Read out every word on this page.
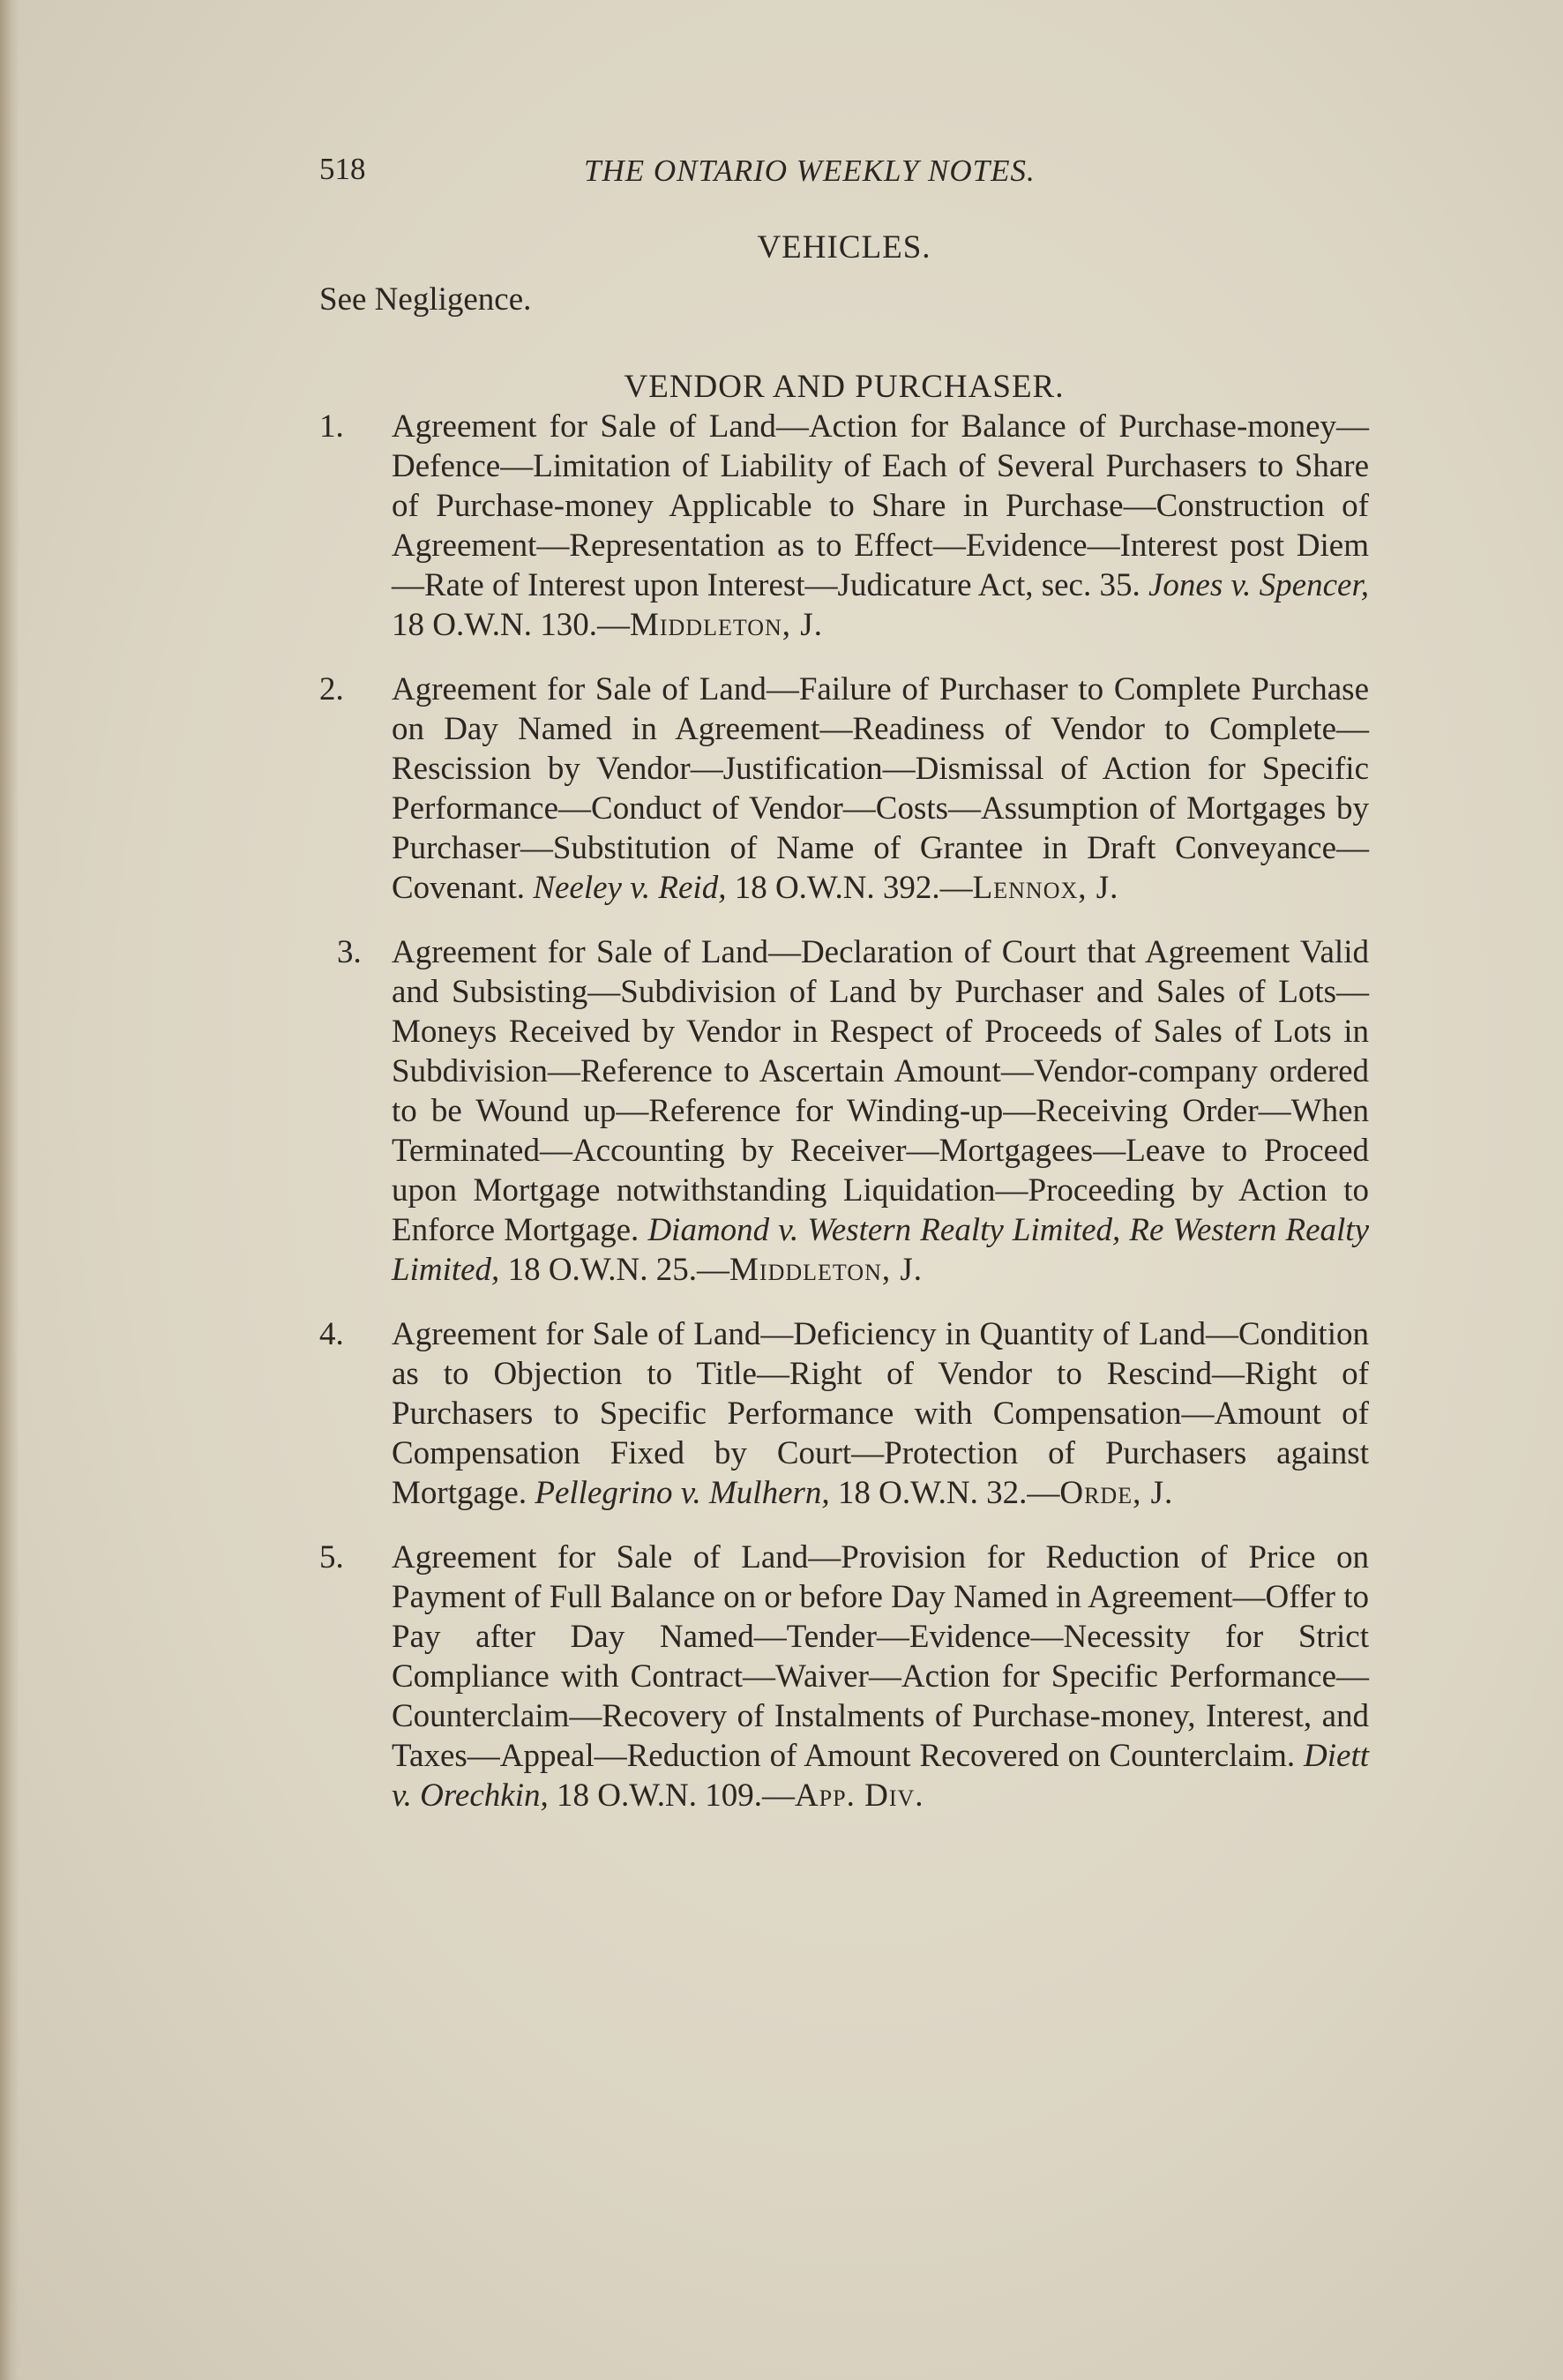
518	THE ONTARIO WEEKLY NOTES.

VEHICLES.

See Negligence.

VENDOR AND PURCHASER.

1. Agreement for Sale of Land—Action for Balance of Purchase-money—Defence—Limitation of Liability of Each of Several Purchasers to Share of Purchase-money Applicable to Share in Purchase—Construction of Agreement—Representation as to Effect—Evidence—Interest post Diem—Rate of Interest upon Interest—Judicature Act, sec. 35. Jones v. Spencer, 18 O.W.N. 130.—Middleton, J.

2. Agreement for Sale of Land—Failure of Purchaser to Complete Purchase on Day Named in Agreement—Readiness of Vendor to Complete—Rescission by Vendor—Justification—Dismissal of Action for Specific Performance—Conduct of Vendor—Costs—Assumption of Mortgages by Purchaser—Substitution of Name of Grantee in Draft Conveyance—Covenant. Neeley v. Reid, 18 O.W.N. 392.—Lennox, J.

3. Agreement for Sale of Land—Declaration of Court that Agreement Valid and Subsisting—Subdivision of Land by Purchaser and Sales of Lots—Moneys Received by Vendor in Respect of Proceeds of Sales of Lots in Subdivision—Reference to Ascertain Amount—Vendor-company ordered to be Wound up—Reference for Winding-up—Receiving Order—When Terminated—Accounting by Receiver—Mortgagees—Leave to Proceed upon Mortgage notwithstanding Liquidation—Proceeding by Action to Enforce Mortgage. Diamond v. Western Realty Limited, Re Western Realty Limited, 18 O.W.N. 25.—Middleton, J.

4. Agreement for Sale of Land—Deficiency in Quantity of Land—Condition as to Objection to Title—Right of Vendor to Rescind—Right of Purchasers to Specific Performance with Compensation—Amount of Compensation Fixed by Court—Protection of Purchasers against Mortgage. Pellegrino v. Mulhern, 18 O.W.N. 32.—Orde, J.

5. Agreement for Sale of Land—Provision for Reduction of Price on Payment of Full Balance on or before Day Named in Agreement—Offer to Pay after Day Named—Tender—Evidence—Necessity for Strict Compliance with Contract—Waiver—Action for Specific Performance—Counterclaim—Recovery of Instalments of Purchase-money, Interest, and Taxes—Appeal—Reduction of Amount Recovered on Counterclaim. Diett v. Orechkin, 18 O.W.N. 109.—App. Div.
